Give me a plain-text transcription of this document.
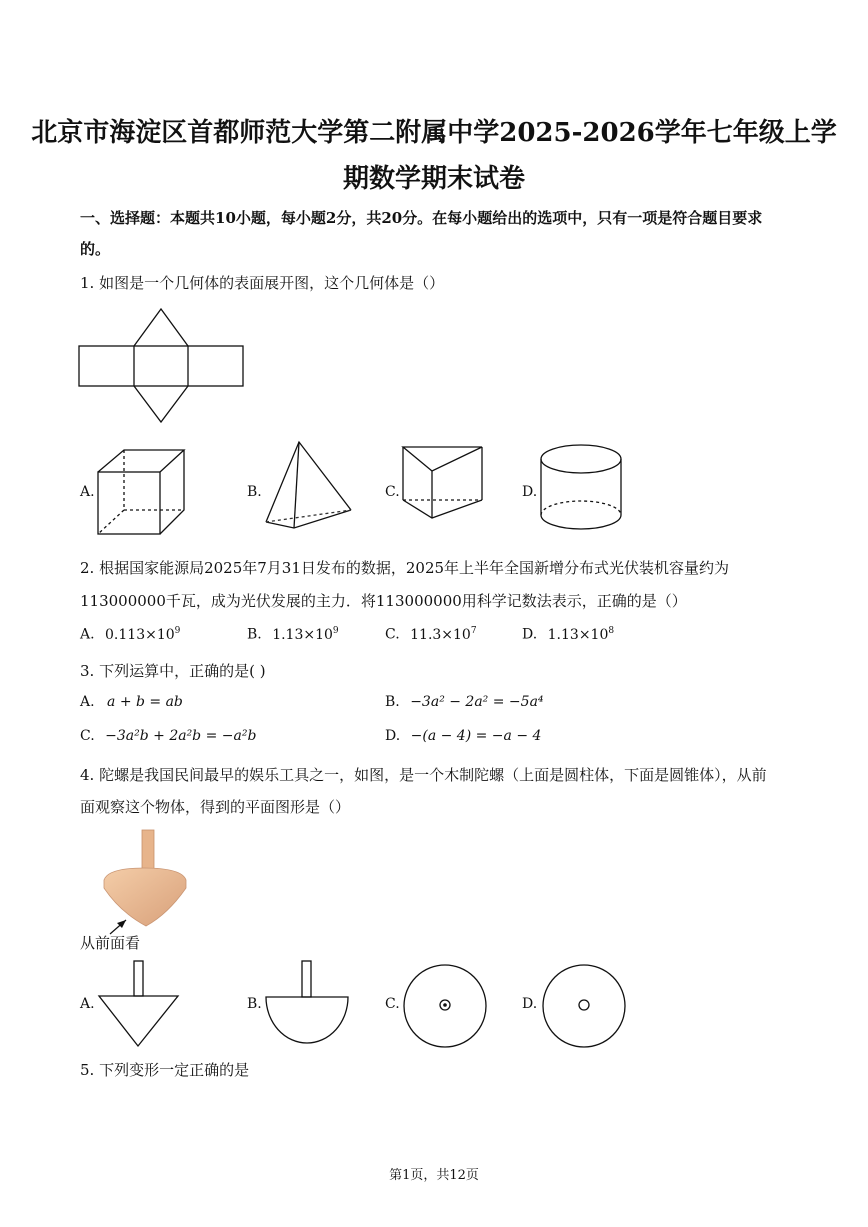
北京市海淀区首都师范大学第二附属中学2025-2026学年七年级上学
期数学期末试卷
一、选择题：本题共10小题，每小题2分，共20分。在每小题给出的选项中，只有一项是符合题目要求
的。
1. 如图是一个几何体的表面展开图，这个几何体是（）
A.	B.	C.	D.
2. 根据国家能源局2025年7月31日发布的数据，2025年上半年全国新增分布式光伏装机容量约为
113000000千瓦，成为光伏发展的主力．将113000000用科学记数法表示，正确的是（）
A. $0.113\times 10^9$	B. $1.13\times 10^9$	C. $11.3\times 10^7$	D. $1.13\times 10^8$
3. 下列运算中，正确的是( )
A. a + b = ab	B. −3a² − 2a² = −5a⁴
C. −3a²b + 2a²b = −a²b	D. −(a − 4) = −a − 4
4. 陀螺是我国民间最早的娱乐工具之一，如图，是一个木制陀螺（上面是圆柱体，下面是圆锥体），从前
面观察这个物体，得到的平面图形是（）
从前面看
A.	B.	C.	D.
5. 下列变形一定正确的是
第1页，共12页
